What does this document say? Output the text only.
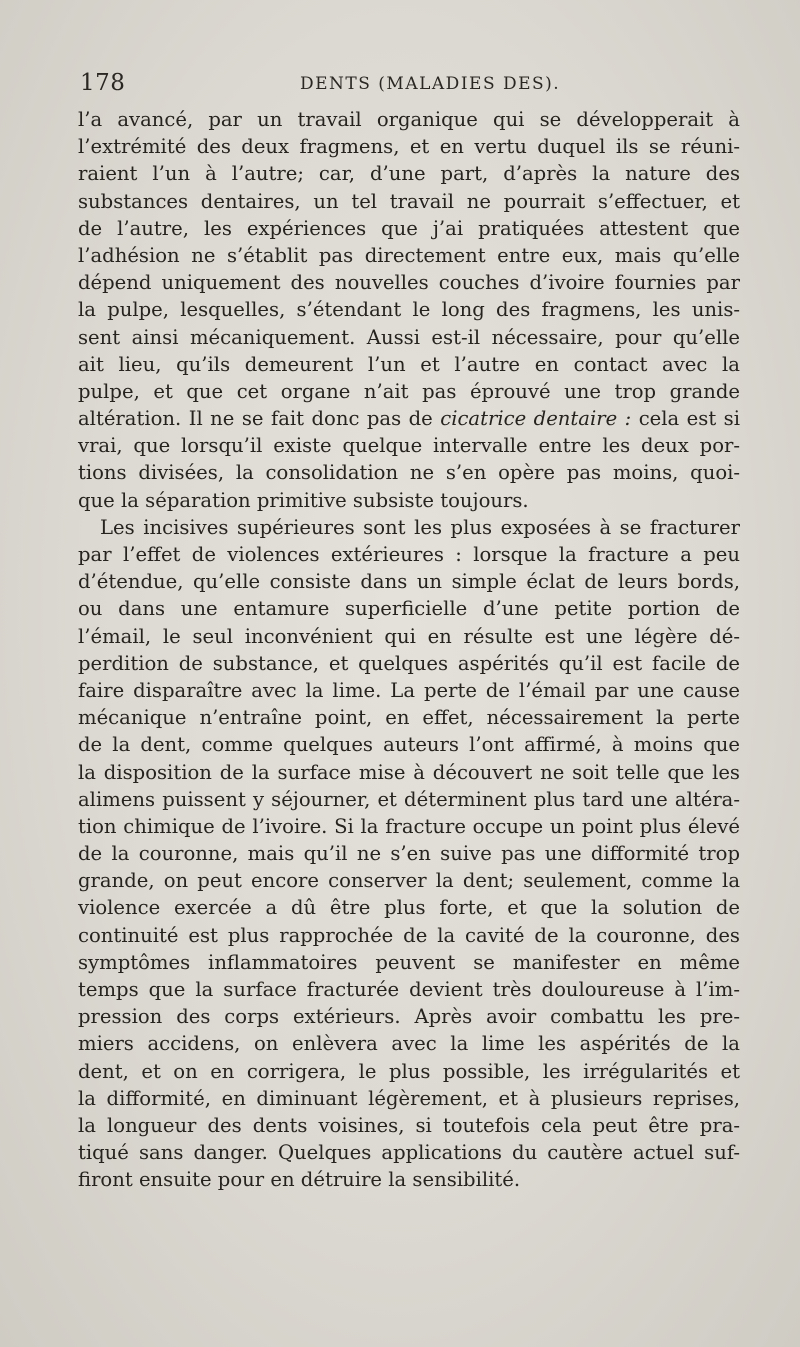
178	DENTS (MALADIES DES).
l’a avancé, par un travail organique qui se développerait à
l’extrémité des deux fragmens, et en vertu duquel ils se réuni-
raient l’un à l’autre; car, d’une part, d’après la nature des
substances dentaires, un tel travail ne pourrait s’effectuer, et
de l’autre, les expériences que j’ai pratiquées attestent que
l’adhésion ne s’établit pas directement entre eux, mais qu’elle
dépend uniquement des nouvelles couches d’ivoire fournies par
la pulpe, lesquelles, s’étendant le long des fragmens, les unis-
sent ainsi mécaniquement. Aussi est-il nécessaire, pour qu’elle
ait lieu, qu’ils demeurent l’un et l’autre en contact avec la
pulpe, et que cet organe n’ait pas éprouvé une trop grande
altération. Il ne se fait donc pas de cicatrice dentaire : cela est si
vrai, que lorsqu’il existe quelque intervalle entre les deux por-
tions divisées, la consolidation ne s’en opère pas moins, quoi-
que la séparation primitive subsiste toujours.
Les incisives supérieures sont les plus exposées à se fracturer
par l’effet de violences extérieures : lorsque la fracture a peu
d’étendue, qu’elle consiste dans un simple éclat de leurs bords,
ou dans une entamure superficielle d’une petite portion de
l’émail, le seul inconvénient qui en résulte est une légère dé-
perdition de substance, et quelques aspérités qu’il est facile de
faire disparaître avec la lime. La perte de l’émail par une cause
mécanique n’entraîne point, en effet, nécessairement la perte
de la dent, comme quelques auteurs l’ont affirmé, à moins que
la disposition de la surface mise à découvert ne soit telle que les
alimens puissent y séjourner, et déterminent plus tard une altéra-
tion chimique de l’ivoire. Si la fracture occupe un point plus élevé
de la couronne, mais qu’il ne s’en suive pas une difformité trop
grande, on peut encore conserver la dent; seulement, comme la
violence exercée a dû être plus forte, et que la solution de
continuité est plus rapprochée de la cavité de la couronne, des
symptômes inflammatoires peuvent se manifester en même
temps que la surface fracturée devient très douloureuse à l’im-
pression des corps extérieurs. Après avoir combattu les pre-
miers accidens, on enlèvera avec la lime les aspérités de la
dent, et on en corrigera, le plus possible, les irrégularités et
la difformité, en diminuant légèrement, et à plusieurs reprises,
la longueur des dents voisines, si toutefois cela peut être pra-
tiqué sans danger. Quelques applications du cautère actuel suf-
firont ensuite pour en détruire la sensibilité.
